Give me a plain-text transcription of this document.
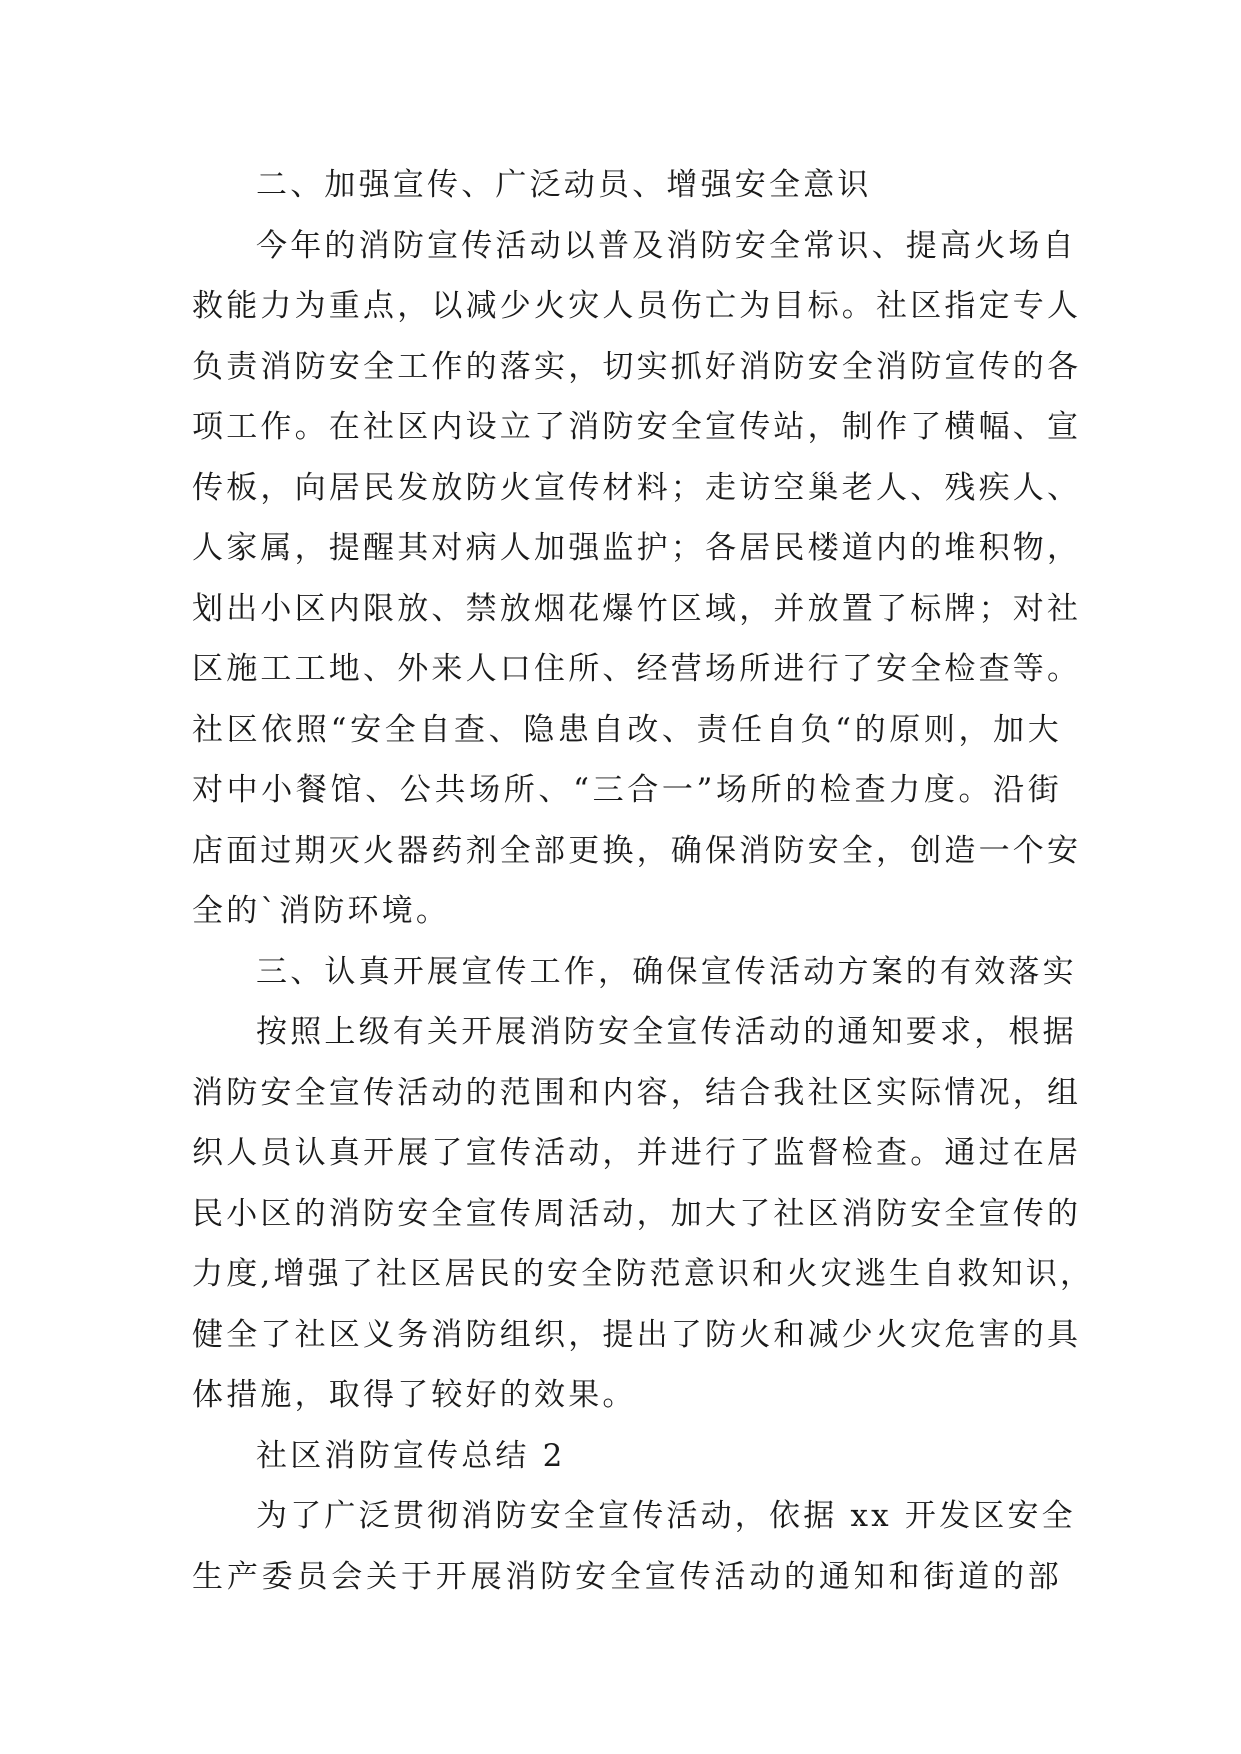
二、加强宣传、广泛动员、增强安全意识
今年的消防宣传活动以普及消防安全常识、提高火场自
救能力为重点，以减少火灾人员伤亡为目标。社区指定专人
负责消防安全工作的落实，切实抓好消防安全消防宣传的各
项工作。在社区内设立了消防安全宣传站，制作了横幅、宣
传板，向居民发放防火宣传材料；走访空巢老人、残疾人、
人家属，提醒其对病人加强监护；各居民楼道内的堆积物，
划出小区内限放、禁放烟花爆竹区域，并放置了标牌；对社
区施工工地、外来人口住所、经营场所进行了安全检查等。
社区依照“安全自查、隐患自改、责任自负“的原则，加大
对中小餐馆、公共场所、“三合一”场所的检查力度。沿街
店面过期灭火器药剂全部更换，确保消防安全，创造一个安
全的`消防环境。
三、认真开展宣传工作，确保宣传活动方案的有效落实
按照上级有关开展消防安全宣传活动的通知要求，根据
消防安全宣传活动的范围和内容，结合我社区实际情况，组
织人员认真开展了宣传活动，并进行了监督检查。通过在居
民小区的消防安全宣传周活动，加大了社区消防安全宣传的
力度,增强了社区居民的安全防范意识和火灾逃生自救知识，
健全了社区义务消防组织，提出了防火和减少火灾危害的具
体措施，取得了较好的效果。
社区消防宣传总结 2
为了广泛贯彻消防安全宣传活动，依据 xx 开发区安全
生产委员会关于开展消防安全宣传活动的通知和街道的部
